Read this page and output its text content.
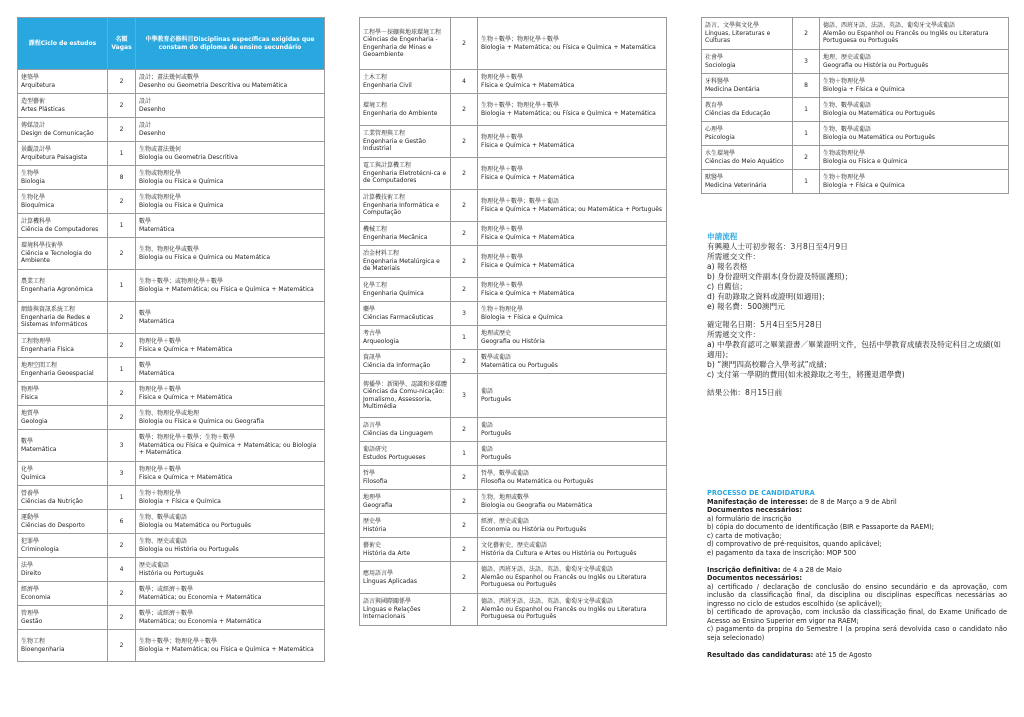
課程Ciclo de estudos	名額Vagas	中學教育必修科目Disciplinas específicas exigidas que constam do diploma de ensino secundário

建築學
Arquitetura	2	設計；畫法幾何或數學
Desenho ou Geometria Descritiva ou Matemática

造型藝術
Artes Plásticas	2	設計
Desenho

傳媒設計
Design de Comunicação	2	設計
Desenho

景觀設計學
Arquitetura Paisagista	1	生物或畫法幾何
Biologia ou Geometria Descritiva

生物學
Biologia	8	生物或物理化學
Biologia ou Física e Química

生物化學
Bioquímica	2	生物或物理化學
Biologia ou Física e Química

計算機科學
Ciência de Computadores	1	數學
Matemática

環境科學技術學
Ciência e Tecnologia do Ambiente	2	生物、物理化學或數學
Biologia ou Física e Química ou Matemática

農業工程
Engenharia Agronómica	1	生物＋數學；或物理化學＋數學
Biologia + Matemática; ou Física e Química + Matemática

網絡與資訊系統工程
Engenharia de Redes e Sistemas Informáticos	2	數學
Matemática

工程物理學
Engenharia Física	2	物理化學＋數學
Física e Química + Matemática

地理空間工程
Engenharia Geoespacial	1	數學
Matemática

物理學
Física	2	物理化學＋數學
Física e Química + Matemática

地質學
Geologia	2	生物、物理化學或地理
Biologia ou Física e Química ou Geografia

數學
Matemática	3	數學；物理化學＋數學；生物＋數學
Matemática ou Física e Química + Matemática; ou Biologia + Matemática

化學
Química	3	物理化學＋數學
Física e Química + Matemática

營養學
Ciências da Nutrição	1	生物＋物理化學
Biologia + Física e Química

運動學
Ciências do Desporto	6	生物、數學或葡語
Biologia ou Matemática ou Português

犯罪學
Criminologia	2	生物、歷史或葡語
Biologia ou História ou Português

法學
Direito	4	歷史或葡語
História ou Português

經濟學
Economia	2	數學；或經濟＋數學
Matemática; ou Economia + Matemática

管理學
Gestão	2	數學；或經濟＋數學
Matemática; ou Economia + Matemática

生物工程
Bioengenharia	2	生物＋數學；物理化學＋數學
Biologia + Matemática; ou Física e Química + Matemática
工程學－採礦與地球環境工程
Ciências de Engenharia - Engenharia de Minas e Geoambiente	2	生物＋數學；物理化學＋數學
Biologia + Matemática; ou Física e Química + Matemática

土木工程
Engenharia Civil	4	物理化學＋數學
Física e Química + Matemática

環境工程
Engenharia do Ambiente	2	生物＋數學；物理化學＋數學
Biologia + Matemática; ou Física e Química + Matemática

工業管理與工程
Engenharia e Gestão Industrial	2	物理化學＋數學
Física e Química + Matemática

電工與計算機工程
Engenharia Eletrotécni-ca e de Computadores	2	物理化學＋數學
Física e Química + Matemática

計算機技術工程
Engenharia Informática e Computação	2	物理化學＋數學；數學＋葡語
Física e Química + Matemática; ou Matemática + Português

機械工程
Engenharia Mecânica	2	物理化學＋數學
Física e Química + Matemática

冶金材料工程
Engenharia Metalúrgica e de Materiais	2	物理化學＋數學
Física e Química + Matemática

化學工程
Engenharia Química	2	物理化學＋數學
Física e Química + Matemática

藥學
Ciências Farmacêuticas	3	生物＋物理化學
Biologia + Física e Química

考古學
Arqueologia	1	地理或歷史
Geografia ou História

資訊學
Ciência da Informação	2	數學或葡語
Matemática ou Português

傳播學：新聞學、認識和多媒體
Ciências da Comu-nicação: Jornalismo, Assessoria, Multimédia	3	葡語
Português

語言學
Ciências da Linguagem	2	葡語
Português

葡語研究
Estudos Portugueses	1	葡語
Português

哲學
Filosofia	2	哲學、數學或葡語
Filosofia ou Matemática ou Português

地理學
Geografia	2	生物、地理或數學
Biologia ou Geografia ou Matemática

歷史學
História	2	經濟、歷史或葡語
Economia ou História ou Português

藝術史
História da Arte	2	文化藝術史、歷史或葡語
História da Cultura e Artes ou História ou Português

應用語言學
Línguas Aplicadas	2	德語、西班牙語、法語、英語、葡萄牙文學或葡語
Alemão ou Espanhol ou Francês ou Inglês ou Literatura Portuguesa ou Português

語言與國際關係學
Línguas e Relações Internacionais	2	德語、西班牙語、法語、英語、葡萄牙文學或葡語
Alemão ou Espanhol ou Francês ou Inglês ou Literatura Portuguesa ou Português
語言、文學與文化學
Línguas, Literaturas e Culturas	2	德語、西班牙語、法語、英語、葡萄牙文學或葡語
Alemão ou Espanhol ou Francês ou Inglês ou Literatura Portuguesa ou Português

社會學
Sociologia	3	地理、歷史或葡語
Geografia ou História ou Português

牙科醫學
Medicina Dentária	8	生物＋物理化學
Biologia + Física e Química

教育學
Ciências da Educação	1	生物、數學或葡語
Biologia ou Matemática ou Português

心理學
Psicologia	1	生物、數學或葡語
Biologia ou Matemática ou Português

水生環境學
Ciências do Meio Aquático	2	生物或物理化學
Biologia ou Física e Química

獸醫學
Medicina Veterinária	1	生物＋物理化學
Biologia + Física e Química

申請流程

有興趣人士可初步報名：3月8日至4月9日

所需遞交文件：

a) 報名表格

b) 身份證明文件副本(身份證及特區護照)；

c) 自薦信；

d) 有助錄取之資料或證明(如適用)；

e) 報名費：500澳門元

確定報名日期：5月4日至5月28日

所需遞交文件：

a) 中學教育認可之畢業證書／畢業證明文件，包括中學教育成績表及特定科目之成績(如適用)；

b) “澳門四高校聯合入學考試”成績；

c) 支付第一學期的費用(如未被錄取之考生，將獲退還學費)

結果公佈：8月15日前

PROCESSO DE CANDIDATURA

Manifestação de interesse: de 8 de Março a 9 de Abril

Documentos necessários:

a) formulário de inscrição

b) cópia do documento de identificação (BIR e Passaporte da RAEM);

c) carta de motivação;

d) comprovativo de pré-requisitos, quando aplicável;

e) pagamento da taxa de inscrição: MOP 500

Inscrição definitiva: de 4 a 28 de Maio

Documentos necessários:

a) certificado / declaração de conclusão do ensino secundário e da aprovação, com inclusão da classificação final, da disciplina ou disciplinas específicas necessárias ao ingresso no ciclo de estudos escolhido (se aplicável);

b) certificado de aprovação, com inclusão da classificação final, do Exame Unificado de Acesso ao Ensino Superior em vigor na RAEM;

c) pagamento da propina do Semestre I (a propina será devolvida caso o candidato não seja selecionado)

Resultado das candidaturas: até 15 de Agosto
